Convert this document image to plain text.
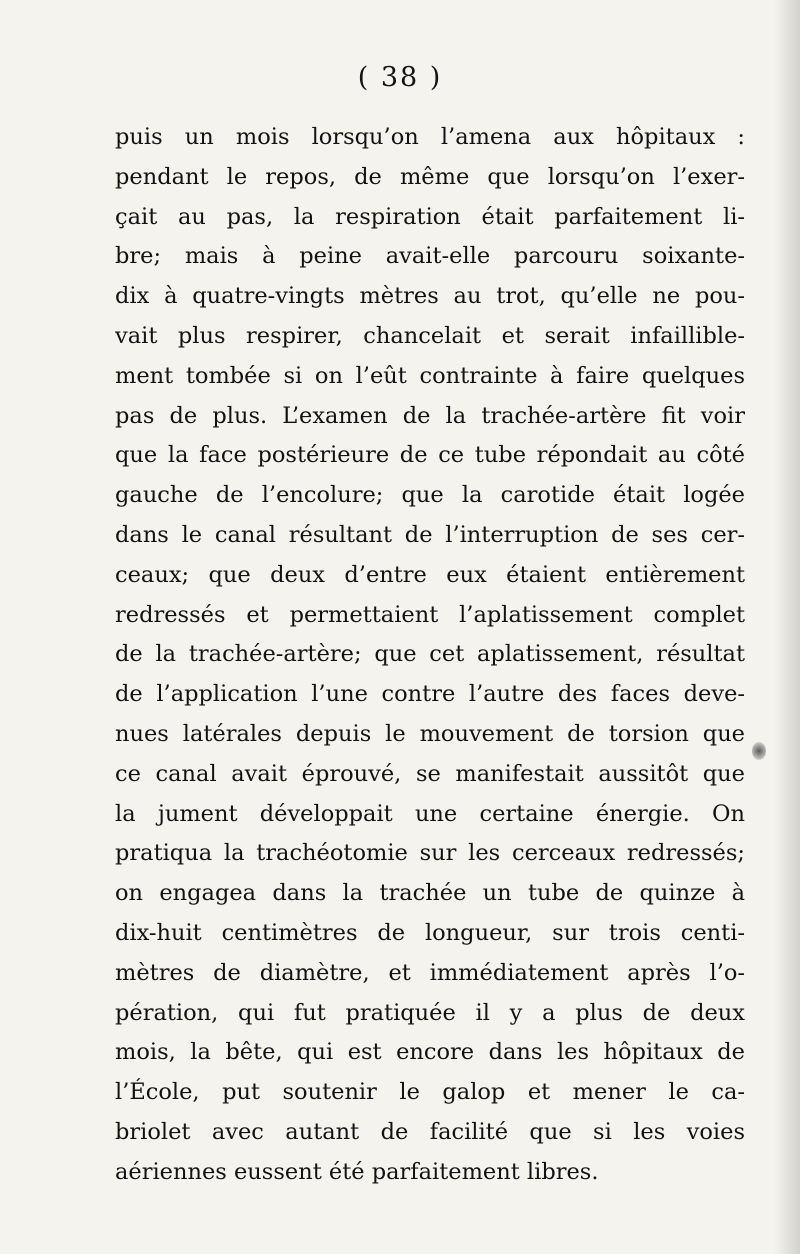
( 38 )
puis un mois lorsqu’on l’amena aux hôpitaux :
pendant le repos, de même que lorsqu’on l’exer-
çait au pas, la respiration était parfaitement li-
bre; mais à peine avait-elle parcouru soixante-
dix à quatre-vingts mètres au trot, qu’elle ne pou-
vait plus respirer, chancelait et serait infaillible-
ment tombée si on l’eût contrainte à faire quelques
pas de plus. L’examen de la trachée-artère fit voir
que la face postérieure de ce tube répondait au côté
gauche de l’encolure; que la carotide était logée
dans le canal résultant de l’interruption de ses cer-
ceaux; que deux d’entre eux étaient entièrement
redressés et permettaient l’aplatissement complet
de la trachée-artère; que cet aplatissement, résultat
de l’application l’une contre l’autre des faces deve-
nues latérales depuis le mouvement de torsion que
ce canal avait éprouvé, se manifestait aussitôt que
la jument développait une certaine énergie. On
pratiqua la trachéotomie sur les cerceaux redressés;
on engagea dans la trachée un tube de quinze à
dix-huit centimètres de longueur, sur trois centi-
mètres de diamètre, et immédiatement après l’o-
pération, qui fut pratiquée il y a plus de deux
mois, la bête, qui est encore dans les hôpitaux de
l’École, put soutenir le galop et mener le ca-
briolet avec autant de facilité que si les voies
aériennes eussent été parfaitement libres.
